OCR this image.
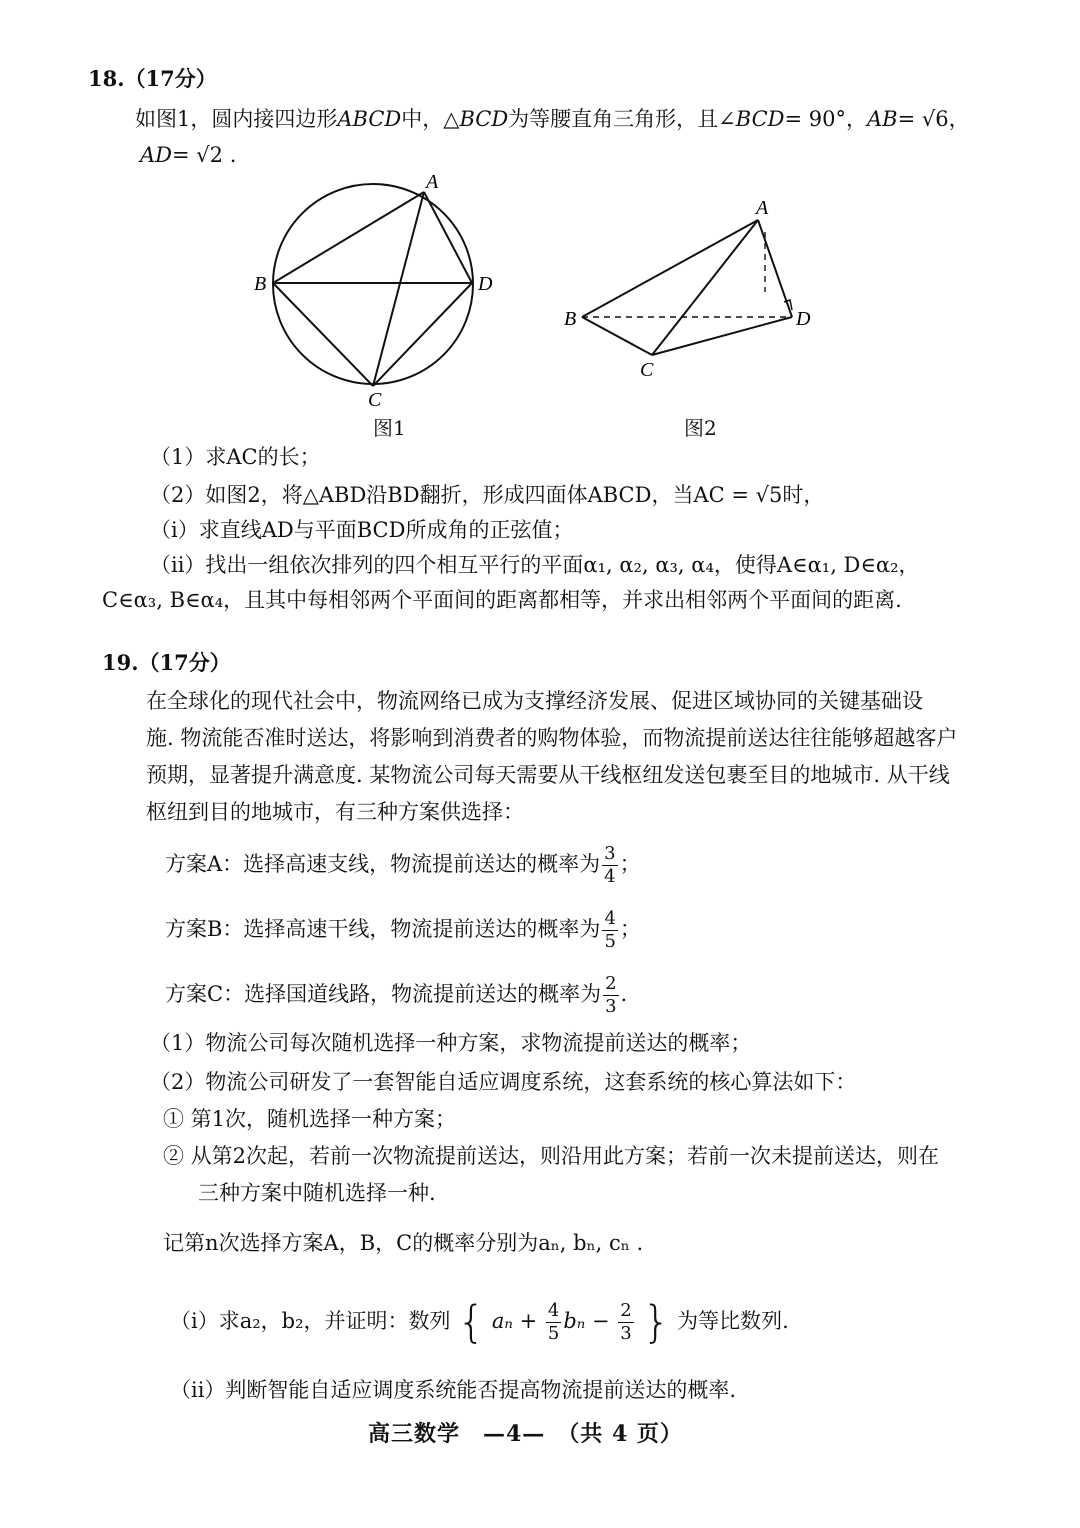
18.（17分）
如图1，圆内接四边形ABCD中，△BCD为等腰直角三角形，且∠BCD= 90°，AB= √6，
AD= √2 .
A
B	D
C
图1
A
B	D
C
图2
（1）求AC的长；
（2）如图2，将△ABD沿BD翻折，形成四面体ABCD，当AC = √5时，
（i）求直线AD与平面BCD所成角的正弦值；
（ii）找出一组依次排列的四个相互平行的平面α₁, α₂, α₃, α₄，使得A∈α₁, D∈α₂，
C∈α₃, B∈α₄，且其中每相邻两个平面间的距离都相等，并求出相邻两个平面间的距离.
19.（17分）
在全球化的现代社会中，物流网络已成为支撑经济发展、促进区域协同的关键基础设
施. 物流能否准时送达，将影响到消费者的购物体验，而物流提前送达往往能够超越客户
预期，显著提升满意度. 某物流公司每天需要从干线枢纽发送包裹至目的地城市. 从干线
枢纽到目的地城市，有三种方案供选择：
方案A：选择高速支线，物流提前送达的概率为 $\frac{3}{4}$ ；
方案B：选择高速干线，物流提前送达的概率为 $\frac{4}{5}$ ；
方案C：选择国道线路，物流提前送达的概率为 $\frac{2}{3}$ .
（1）物流公司每次随机选择一种方案，求物流提前送达的概率；
（2）物流公司研发了一套智能自适应调度系统，这套系统的核心算法如下：
① 第1次，随机选择一种方案；
② 从第2次起，若前一次物流提前送达，则沿用此方案；若前一次未提前送达，则在
三种方案中随机选择一种.
记第n次选择方案A，B，C的概率分别为aₙ, bₙ, cₙ .
（i）求a₂，b₂，并证明：数列 { $a_n + \frac{4}{5}$ $b_n - \frac{2}{3}$ } 为等比数列.
（ii）判断智能自适应调度系统能否提高物流提前送达的概率.
高三数学　—4—　（共 4 页）
